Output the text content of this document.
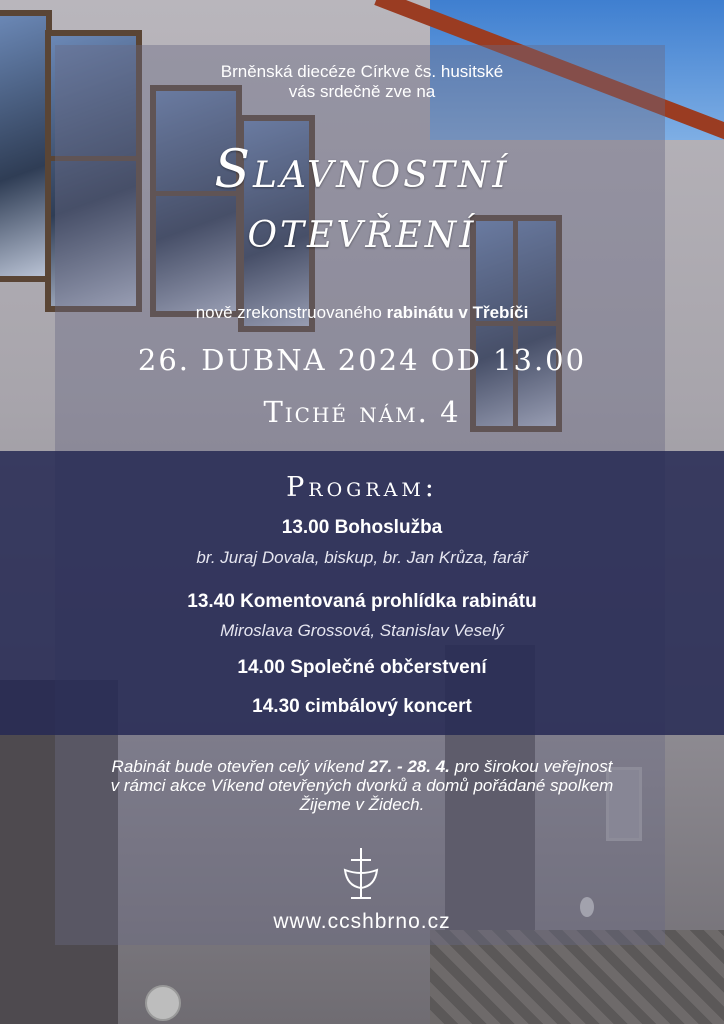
Brněnská diecéze Církve čs. husitské
vás srdečně zve na
Slavnostní
otevření
nově zrekonstruovaného rabinátu v Třebíči
26. DUBNA 2024 OD 13.00
Tiché nám. 4
Program:
13.00 Bohoslužba
br. Juraj Dovala, biskup, br. Jan Krůza, farář
13.40 Komentovaná prohlídka rabinátu
Miroslava Grossová, Stanislav Veselý
14.00 Společné občerstvení
14.30 cimbálový koncert
Rabinát bude otevřen celý víkend 27. - 28. 4. pro širokou veřejnost v rámci akce Víkend otevřených dvorků a domů pořádané spolkem Žijeme v Židech.
www.ccshbrno.cz
